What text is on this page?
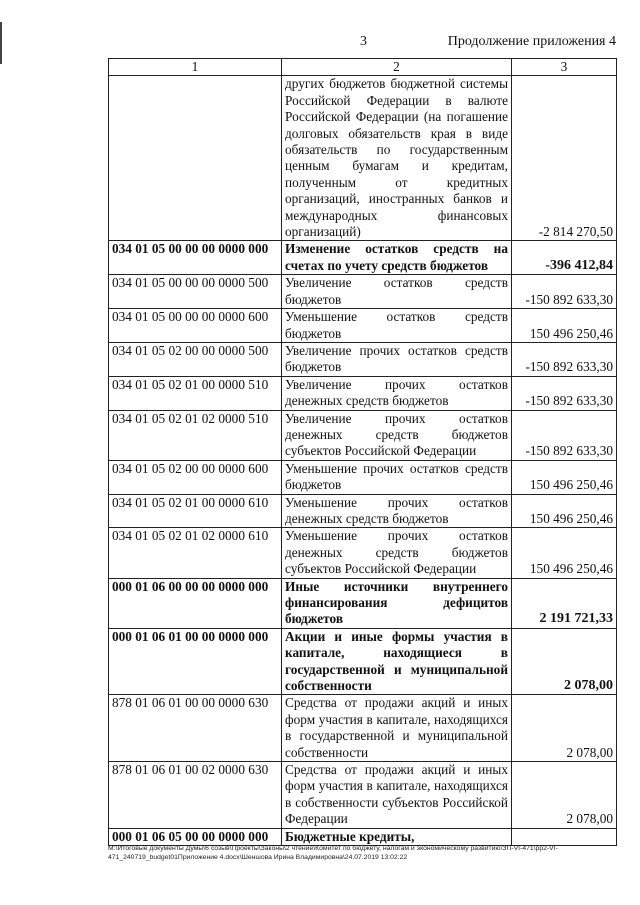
3	Продолжение приложения 4
1	2	3
	других бюджетов бюджетной системы Российской Федерации в валюте Российской Федерации (на погашение долговых обязательств края в виде обязательств по государственным ценным бумагам и кредитам, полученным от кредитных организаций, иностранных банков и международных финансовых организаций)	-2 814 270,50
034 01 05 00 00 00 0000 000	Изменение остатков средств на счетах по учету средств бюджетов	-396 412,84
034 01 05 00 00 00 0000 500	Увеличение остатков средств бюджетов	-150 892 633,30
034 01 05 00 00 00 0000 600	Уменьшение остатков средств бюджетов	150 496 250,46
034 01 05 02 00 00 0000 500	Увеличение прочих остатков средств бюджетов	-150 892 633,30
034 01 05 02 01 00 0000 510	Увеличение прочих остатков денежных средств бюджетов	-150 892 633,30
034 01 05 02 01 02 0000 510	Увеличение прочих остатков денежных средств бюджетов субъектов Российской Федерации	-150 892 633,30
034 01 05 02 00 00 0000 600	Уменьшение прочих остатков средств бюджетов	150 496 250,46
034 01 05 02 01 00 0000 610	Уменьшение прочих остатков денежных средств бюджетов	150 496 250,46
034 01 05 02 01 02 0000 610	Уменьшение прочих остатков денежных средств бюджетов субъектов Российской Федерации	150 496 250,46
000 01 06 00 00 00 0000 000	Иные источники внутреннего финансирования дефицитов бюджетов	2 191 721,33
000 01 06 01 00 00 0000 000	Акции и иные формы участия в капитале, находящиеся в государственной и муниципальной собственности	2 078,00
878 01 06 01 00 00 0000 630	Средства от продажи акций и иных форм участия в капитале, находящихся в государственной и муниципальной собственности	2 078,00
878 01 06 01 00 02 0000 630	Средства от продажи акций и иных форм участия в капитале, находящихся в собственности субъектов Российской Федерации	2 078,00
000 01 06 05 00 00 0000 000	Бюджетные кредиты,	
M:\Итоговые документы Думы\6 созыв\Проекты\Законы\2 чтение\Комитет по бюджету, налогам и экономическому развитию\ЗП-VI-471\pp2-VI-
471_240719_budget01Приложение 4.docx\Шеншова Ирина Владимировна\24.07.2019 13:02:22
